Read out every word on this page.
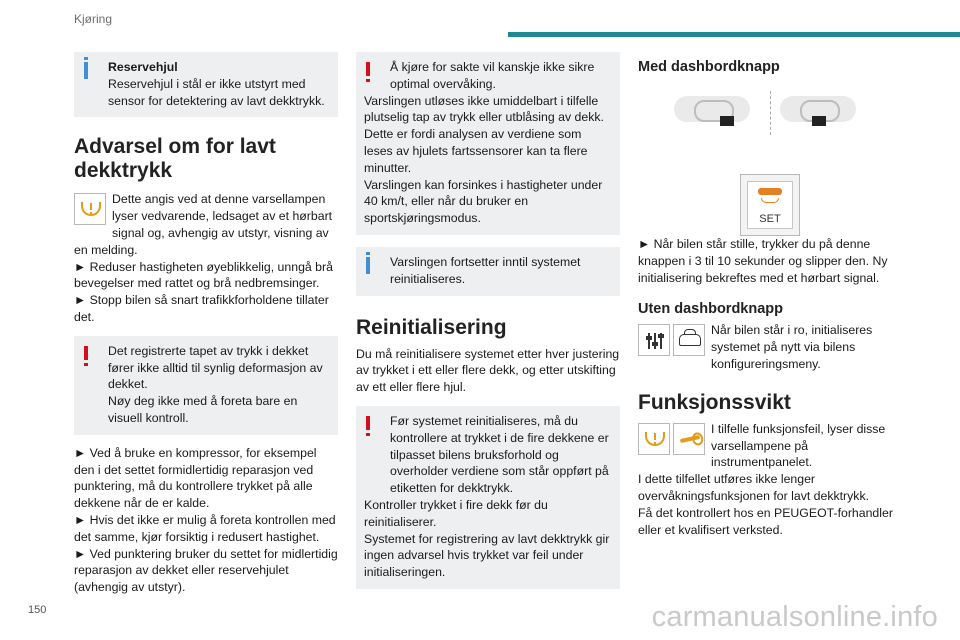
Kjøring
Reservehjul
Reservehjul i stål er ikke utstyrt med sensor for detektering av lavt dekktrykk.
Advarsel om for lavt dekktrykk
Dette angis ved at denne varsellampen lyser vedvarende, ledsaget av et hørbart signal og, avhengig av utstyr, visning av en melding.
► Reduser hastigheten øyeblikkelig, unngå brå bevegelser med rattet og brå nedbremsinger.
► Stopp bilen så snart trafikkforholdene tillater det.
Det registrerte tapet av trykk i dekket fører ikke alltid til synlig deformasjon av dekket.
Nøy deg ikke med å foreta bare en visuell kontroll.
► Ved å bruke en kompressor, for eksempel den i det settet formidlertidig reparasjon ved punktering, må du kontrollere trykket på alle dekkene når de er kalde.
► Hvis det ikke er mulig å foreta kontrollen med det samme, kjør forsiktig i redusert hastighet.
► Ved punktering bruker du settet for midlertidig reparasjon av dekket eller reservehjulet (avhengig av utstyr).
Å kjøre for sakte vil kanskje ikke sikre optimal overvåking.
Varslingen utløses ikke umiddelbart i tilfelle plutselig tap av trykk eller utblåsing av dekk. Dette er fordi analysen av verdiene som leses av hjulets fartssensorer kan ta flere minutter.
Varslingen kan forsinkes i hastigheter under 40 km/t, eller når du bruker en sportskjøringsmodus.
Varslingen fortsetter inntil systemet reinitialiseres.
Reinitialisering
Du må reinitialisere systemet etter hver justering av trykket i ett eller flere dekk, og etter utskifting av ett eller flere hjul.
Før systemet reinitialiseres, må du kontrollere at trykket i de fire dekkene er tilpasset bilens bruksforhold og overholder verdiene som står oppført på etiketten for dekktrykk.
Kontroller trykket i fire dekk før du reinitialiserer.
Systemet for registrering av lavt dekktrykk gir ingen advarsel hvis trykket var feil under initialiseringen.
Med dashbordknapp
SET
► Når bilen står stille, trykker du på denne knappen i 3 til 10 sekunder og slipper den. Ny initialisering bekreftes med et hørbart signal.
Uten dashbordknapp
Når bilen står i ro, initialiseres systemet på nytt via bilens konfigureringsmeny.
Funksjonssvikt
I tilfelle funksjonsfeil, lyser disse varsellampene på instrumentpanelet.
I dette tilfellet utføres ikke lenger overvåkningsfunksjonen for lavt dekktrykk.
Få det kontrollert hos en PEUGEOT-forhandler eller et kvalifisert verksted.
150	carmanualsonline.info
